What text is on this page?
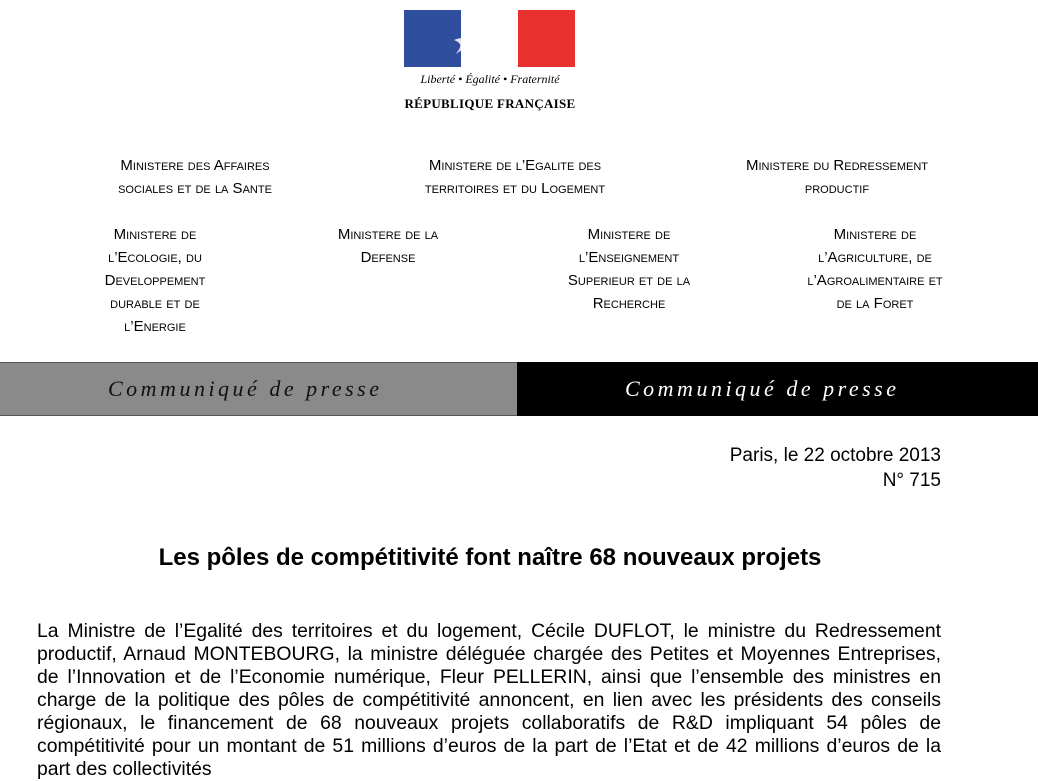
Liberté • Égalité • Fraternité
RÉPUBLIQUE FRANÇAISE
Ministere des Affaires
sociales et de la Sante
Ministere de l’Egalite des
territoires et du Logement
Ministere du Redressement
productif
Ministere de
l’Ecologie, du
Developpement
durable et de
l’Energie
Ministere de la
Defense
Ministere de
l’Enseignement
Superieur et de la
Recherche
Ministere de
l’Agriculture, de
l’Agroalimentaire et
de la Foret
Communiqué de presse	Communiqué de presse
Paris, le 22 octobre 2013
N° 715
Les pôles de compétitivité font naître 68 nouveaux projets
La Ministre de l’Egalité des territoires et du logement, Cécile DUFLOT, le ministre du Redressement productif, Arnaud MONTEBOURG, la ministre déléguée chargée des Petites et Moyennes Entreprises, de l’Innovation et de l’Economie numérique, Fleur PELLERIN, ainsi que l’ensemble des ministres en charge de la politique des pôles de compétitivité annoncent, en lien avec les présidents des conseils régionaux, le financement de 68 nouveaux projets collaboratifs de R&D impliquant 54 pôles de compétitivité pour un montant de 51 millions d’euros de la part de l’Etat et de 42 millions d’euros de la part des collectivités
